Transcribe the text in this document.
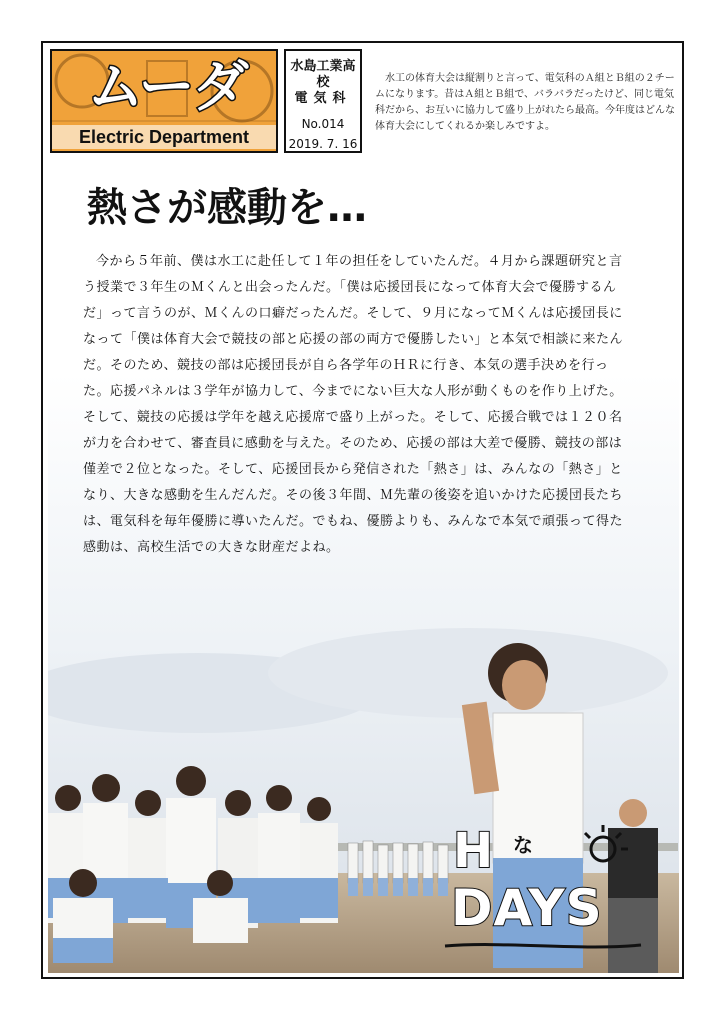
ムーダ
Electric Department
水島工業高校
電気科
No.014
2019. 7. 16
水工の体育大会は縦割りと言って、電気科のＡ組とＢ組の２チームになります。昔はＡ組とＢ組で、バラバラだったけど、同じ電気科だから、お互いに協力して盛り上がれたら最高。今年度はどんな体育大会にしてくれるか楽しみですよ。
熱さが感動を…

今から５年前、僕は水工に赴任して１年の担任をしていたんだ。４月から課題研究と言う授業で３年生のＭくんと出会ったんだ。「僕は応援団長になって体育大会で優勝するんだ」って言うのが、Ｍくんの口癖だったんだ。そして、９月になってＭくんは応援団長になって「僕は体育大会で競技の部と応援の部の両方で優勝したい」と本気で相談に来たんだ。そのため、競技の部は応援団長が自ら各学年のＨＲに行き、本気の選手決めを行った。応援パネルは３学年が協力して、今までにない巨大な人形が動くものを作り上げた。そして、競技の応援は学年を越え応援席で盛り上がった。そして、応援合戦では１２０名が力を合わせて、審査員に感動を与えた。そのため、応援の部は大差で優勝、競技の部は僅差で２位となった。そして、応援団長から発信された「熱さ」は、みんなの「熱さ」となり、大きな感動を生んだんだ。その後３年間、Ｍ先輩の後姿を追いかけた応援団長たちは、電気科を毎年優勝に導いたんだ。でもね、優勝よりも、みんなで本気で頑張って得た感動は、高校生活での大きな財産だよね。

H な
DAYS
